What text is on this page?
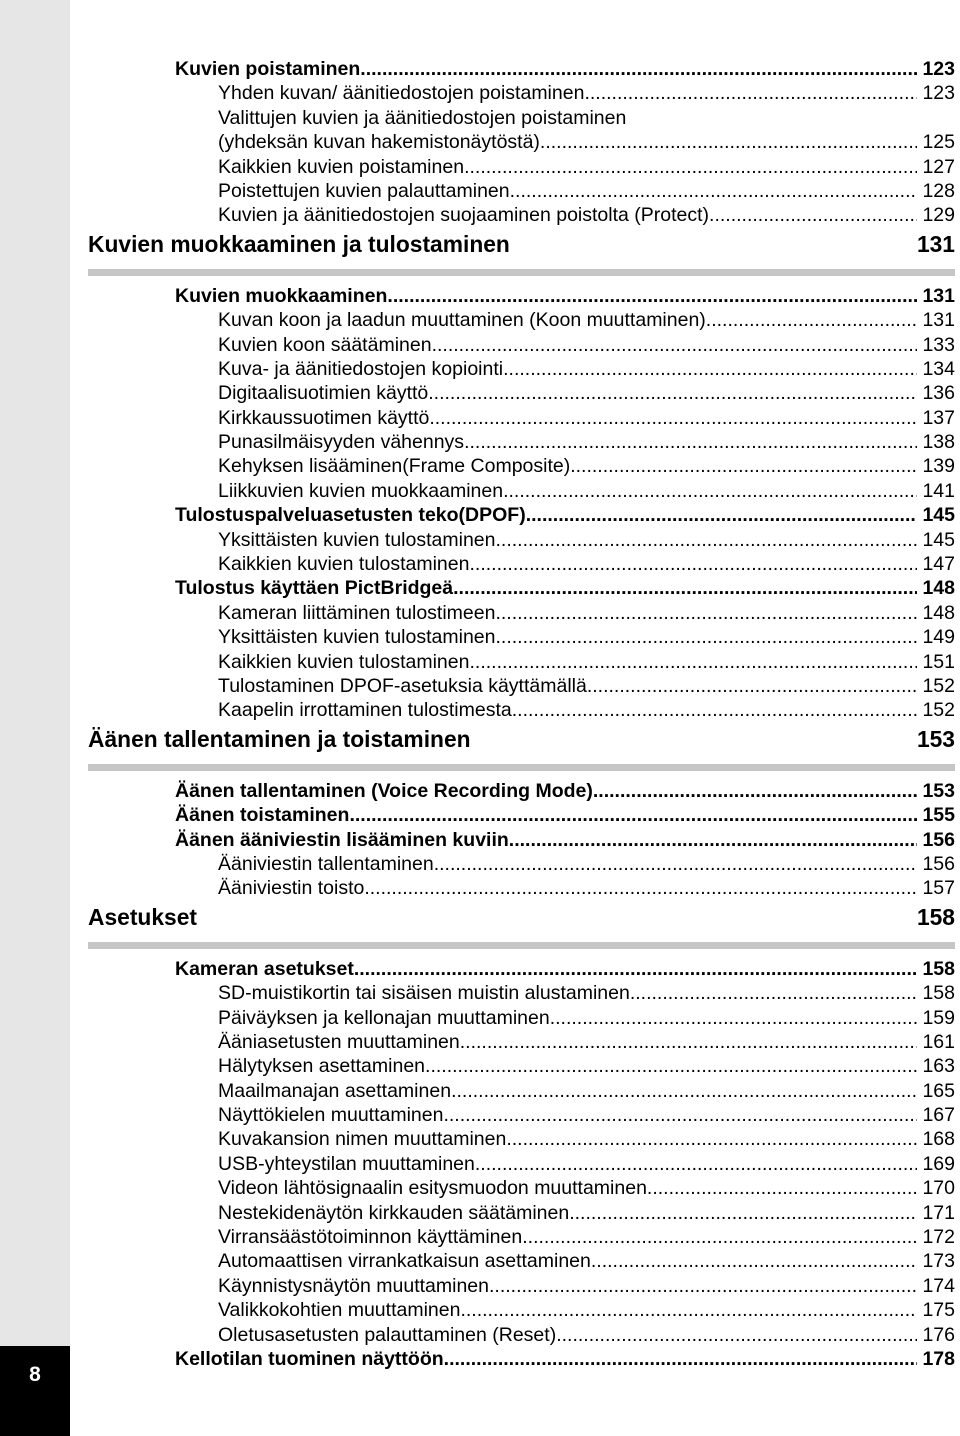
8
Kuvien poistaminen .....	123
Yhden kuvan/ äänitiedostojen poistaminen .....	123
Valittujen kuvien ja äänitiedostojen poistaminen
(yhdeksän kuvan hakemistonäytöstä) .....	125
Kaikkien kuvien poistaminen .....	127
Poistettujen kuvien palauttaminen .....	128
Kuvien ja äänitiedostojen suojaaminen poistolta (Protect) .....	129
Kuvien muokkaaminen ja tulostaminen	131
Kuvien muokkaaminen .....	131
Kuvan koon ja laadun muuttaminen (Koon muuttaminen) .....	131
Kuvien koon säätäminen .....	133
Kuva- ja äänitiedostojen kopiointi .....	134
Digitaalisuotimien käyttö .....	136
Kirkkaussuotimen käyttö .....	137
Punasilmäisyyden vähennys .....	138
Kehyksen lisääminen(Frame Composite) .....	139
Liikkuvien kuvien muokkaaminen .....	141
Tulostuspalveluasetusten teko(DPOF) .....	145
Yksittäisten kuvien tulostaminen .....	145
Kaikkien kuvien tulostaminen .....	147
Tulostus käyttäen PictBridgeä .....	148
Kameran liittäminen tulostimeen .....	148
Yksittäisten kuvien tulostaminen .....	149
Kaikkien kuvien tulostaminen .....	151
Tulostaminen DPOF-asetuksia käyttämällä .....	152
Kaapelin irrottaminen tulostimesta .....	152
Äänen tallentaminen ja toistaminen	153
Äänen tallentaminen (Voice Recording Mode) .....	153
Äänen toistaminen .....	155
Äänen ääniviestin lisääminen kuviin .....	156
Ääniviestin tallentaminen .....	156
Ääniviestin toisto .....	157
Asetukset	158
Kameran asetukset .....	158
SD-muistikortin tai sisäisen muistin alustaminen .....	158
Päiväyksen ja kellonajan muuttaminen .....	159
Ääniasetusten muuttaminen .....	161
Hälytyksen asettaminen .....	163
Maailmanajan asettaminen .....	165
Näyttökielen muuttaminen .....	167
Kuvakansion nimen muuttaminen .....	168
USB-yhteystilan muuttaminen .....	169
Videon lähtösignaalin esitysmuodon muuttaminen .....	170
Nestekidenäytön kirkkauden säätäminen .....	171
Virransäästötoiminnon käyttäminen .....	172
Automaattisen virrankatkaisun asettaminen .....	173
Käynnistysnäytön muuttaminen .....	174
Valikkokohtien muuttaminen .....	175
Oletusasetusten palauttaminen (Reset) .....	176
Kellotilan tuominen näyttöön .....	178
